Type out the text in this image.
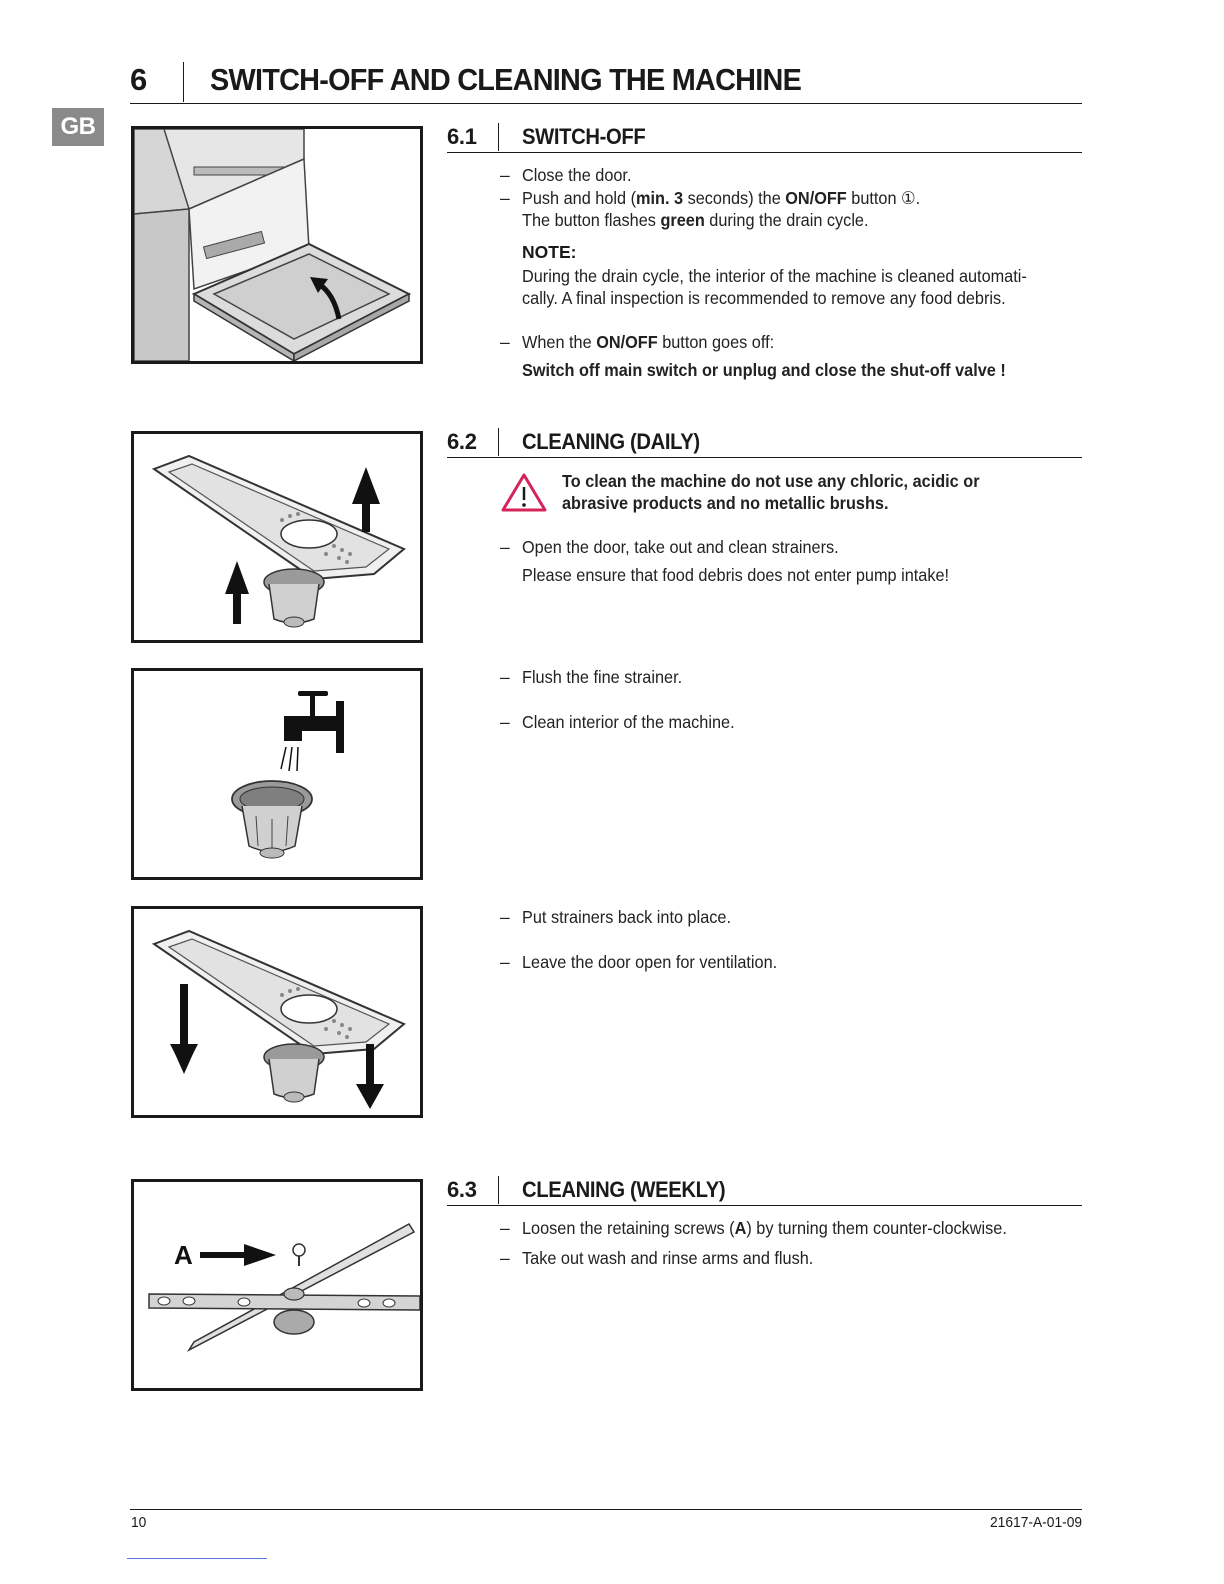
6 SWITCH-OFF AND CLEANING THE MACHINE
GB	6.1 SWITCH-OFF
– Close the door.
– Push and hold (min. 3 seconds) the ON/OFF button ①.
The button flashes green during the drain cycle.
NOTE:
During the drain cycle, the interior of the machine is cleaned automati-
cally. A final inspection is recommended to remove any food debris.
– When the ON/OFF button goes off:
Switch off main switch or unplug and close the shut-off valve !
6.2 CLEANING (DAILY)
To clean the machine do not use any chloric, acidic or
abrasive products and no metallic brushs.
– Open the door, take out and clean strainers.
Please ensure that food debris does not enter pump intake!
– Flush the fine strainer.
– Clean interior of the machine.
– Put strainers back into place.
– Leave the door open for ventilation.
6.3 CLEANING (WEEKLY)
– Loosen the retaining screws (A) by turning them counter-clockwise.
– Take out wash and rinse arms and flush.
A
10	21617-A-01-09
